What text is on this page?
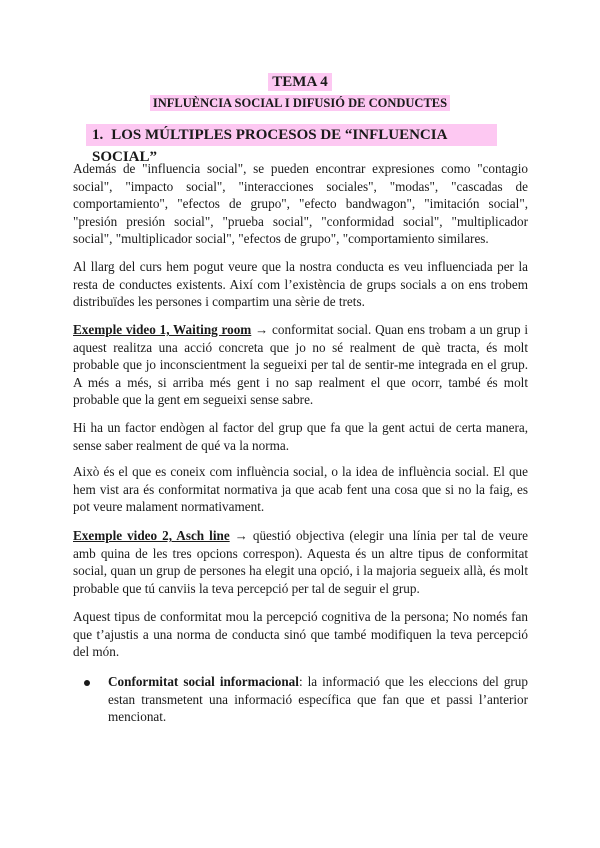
TEMA 4
INFLUÈNCIA SOCIAL I DIFUSIÓ DE CONDUCTES
1. LOS MÚLTIPLES PROCESOS DE “INFLUENCIA SOCIAL”

Además de "influencia social", se pueden encontrar expresiones como "contagio social", "impacto social", "interacciones sociales", "modas", "cascadas de comportamiento", "efectos de grupo", "efecto bandwagon", "imitación social", "presión presión social", "prueba social", "conformidad social", "multiplicador social", "multiplicador social", "efectos de grupo", "comportamiento similares.

Al llarg del curs hem pogut veure que la nostra conducta es veu influenciada per la resta de conductes existents. Així com l’existència de grups socials a on ens trobem distribuïdes les persones i compartim una sèrie de trets.

Exemple video 1, Waiting room → conformitat social. Quan ens trobam a un grup i aquest realitza una acció concreta que jo no sé realment de què tracta, és molt probable que jo inconscientment la segueixi per tal de sentir-me integrada en el grup. A més a més, si arriba més gent i no sap realment el que ocorr, també és molt probable que la gent em segueixi sense sabre.

Hi ha un factor endògen al factor del grup que fa que la gent actui de certa manera, sense saber realment de qué va la norma.

Això és el que es coneix com influència social, o la idea de influència social. El que hem vist ara és conformitat normativa ja que acab fent una cosa que si no la faig, es pot veure malament normativament.

Exemple video 2, Asch line → qüestió objectiva (elegir una línia per tal de veure amb quina de les tres opcions correspon). Aquesta és un altre tipus de conformitat social, quan un grup de persones ha elegit una opció, i la majoria segueix allà, és molt probable que tú canviis la teva percepció per tal de seguir el grup.

Aquest tipus de conformitat mou la percepció cognitiva de la persona; No només fan que t’ajustis a una norma de conducta sinó que també modifiquen la teva percepció del món.

Conformitat social informacional: la informació que les eleccions del grup estan transmetent una informació específica que fan que et passi l’anterior mencionat.
